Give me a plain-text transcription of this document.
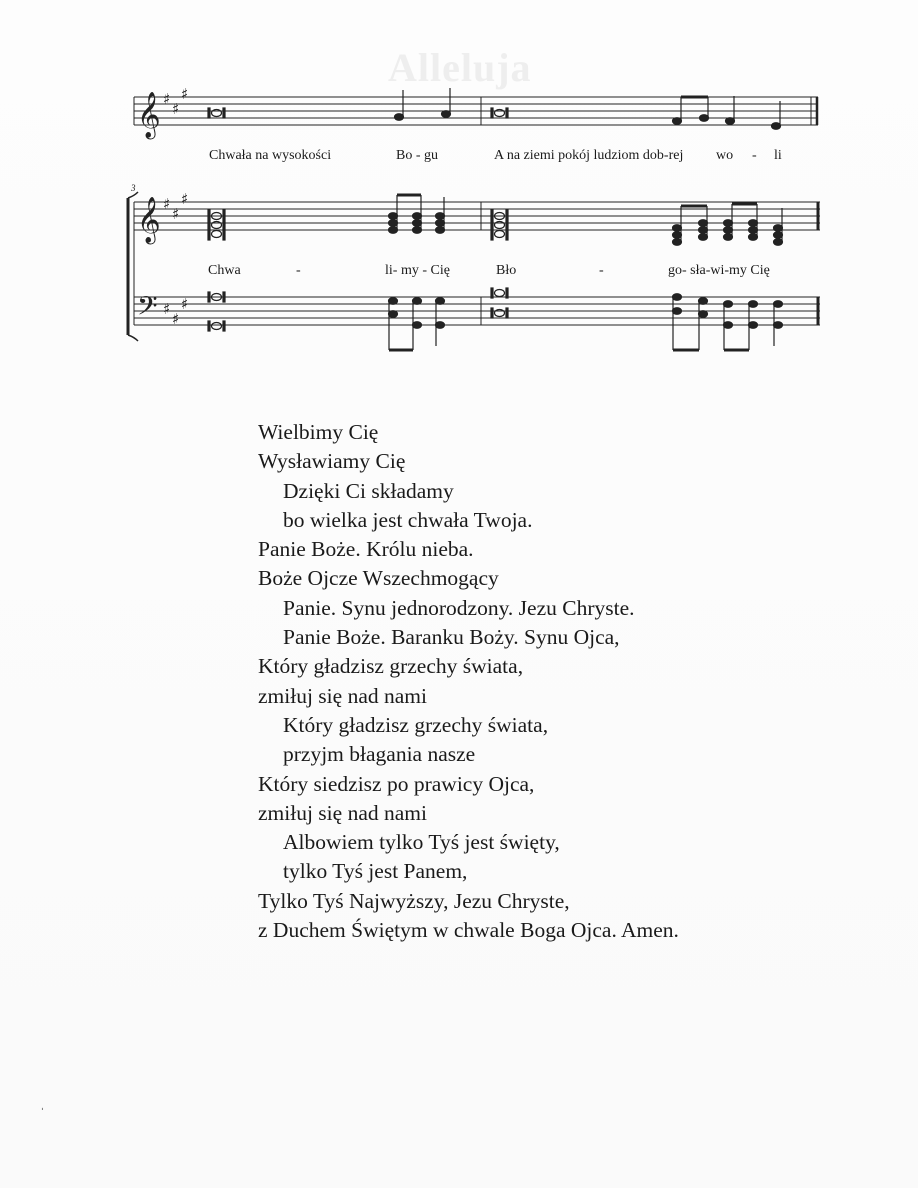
Alleluja
𝄞
𝄞
𝄢
♯
♯
♯
♯
♯
♯
♯
♯
♯
Chwała na wysokości	Bo - gu	A na ziemi pokój ludziom dob-rej wo - li
3
Chwa	-	li- my - Cię	Bło	-	go- sła-wi-my Cię
Wielbimy Cię
Wysławiamy Cię
Dzięki Ci składamy
bo wielka jest chwała Twoja.
Panie Boże. Królu nieba.
Boże Ojcze Wszechmogący
Panie. Synu jednorodzony. Jezu Chryste.
Panie Boże. Baranku Boży. Synu Ojca,
Który gładzisz grzechy świata,
zmiłuj się nad nami
Który gładzisz grzechy świata,
przyjm błagania nasze
Który siedzisz po prawicy Ojca,
zmiłuj się nad nami
Albowiem tylko Tyś jest święty,
tylko Tyś jest Panem,
Tylko Tyś Najwyższy, Jezu Chryste,
z Duchem Świętym w chwale Boga Ojca. Amen.
ˌ
